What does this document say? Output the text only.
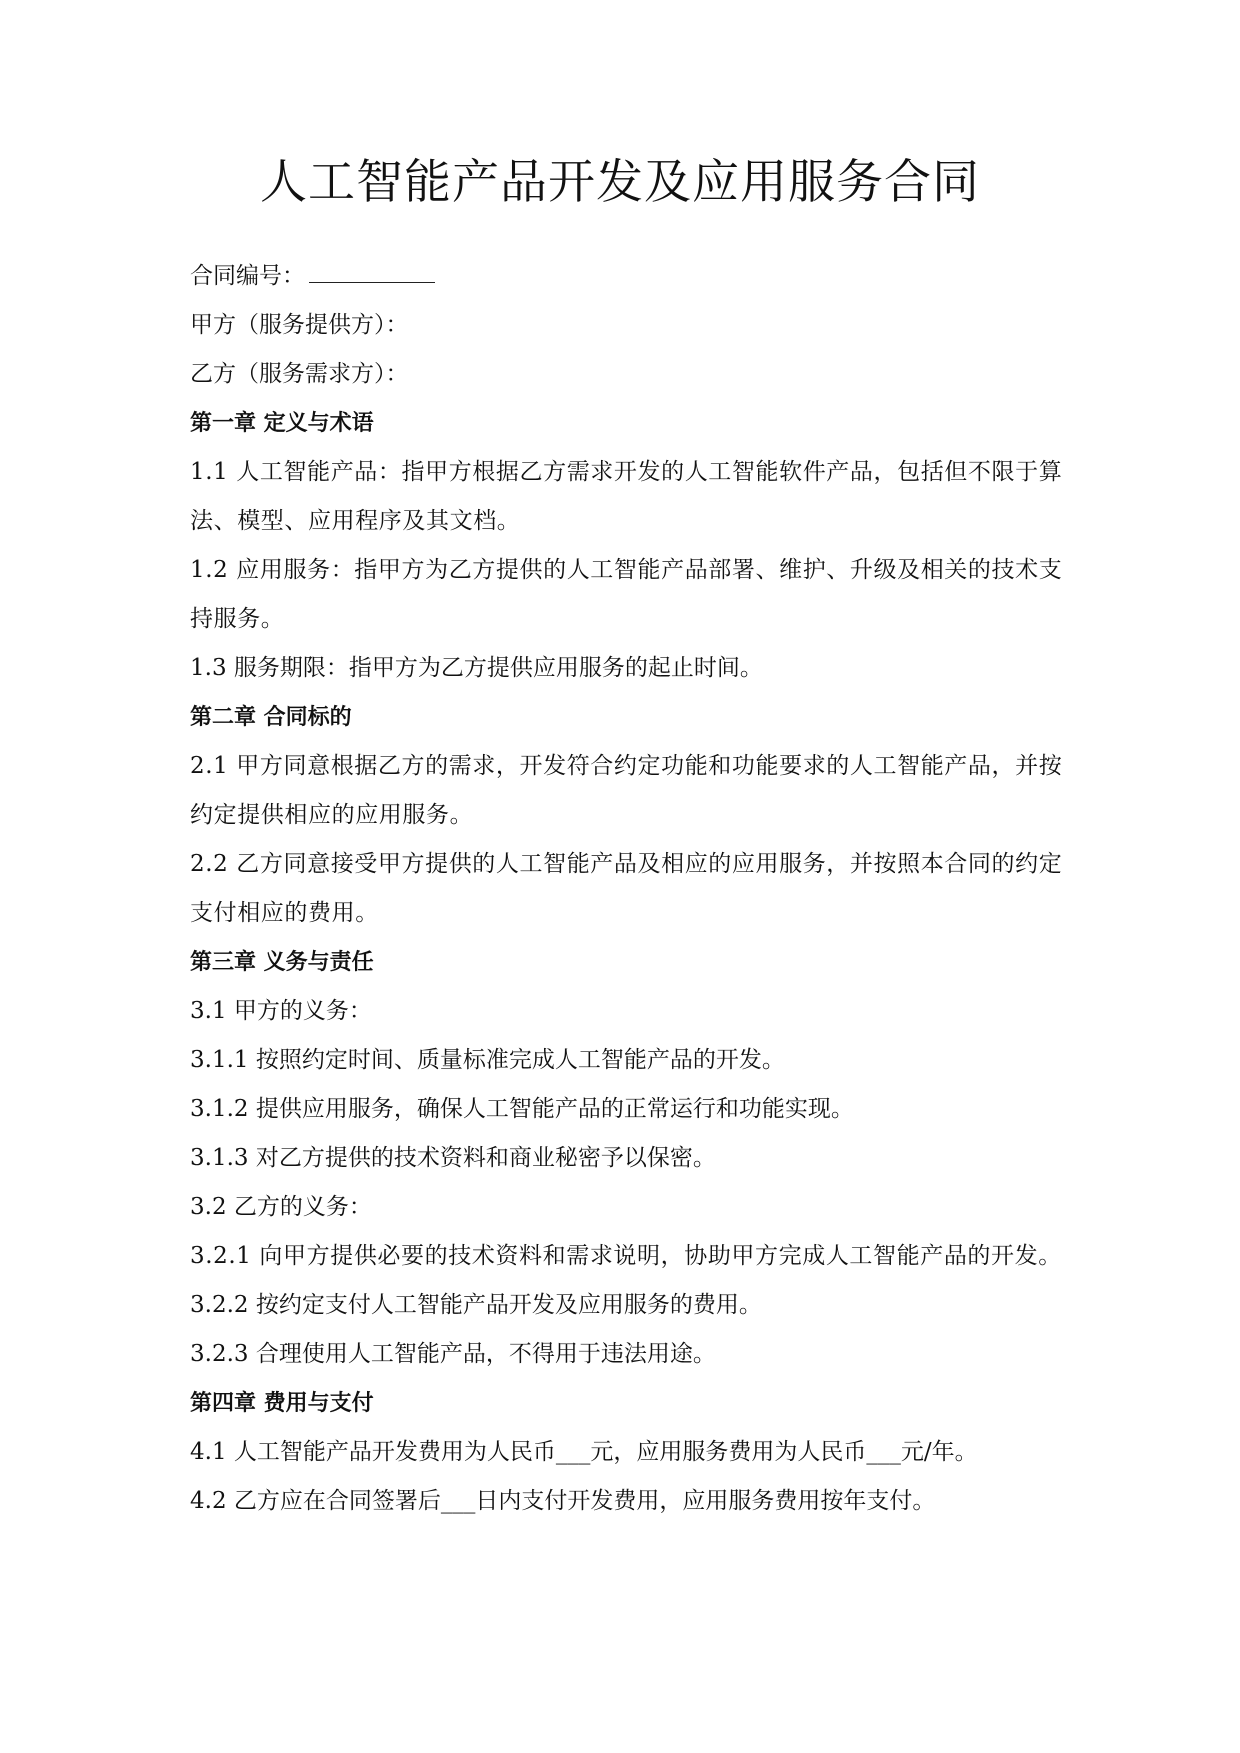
人工智能产品开发及应用服务合同
合同编号：
甲方（服务提供方）：
乙方（服务需求方）：
第一章 定义与术语
1.1 人工智能产品：指甲方根据乙方需求开发的人工智能软件产品，包括但不限于算法、模型、应用程序及其文档。
1.2 应用服务：指甲方为乙方提供的人工智能产品部署、维护、升级及相关的技术支持服务。
1.3 服务期限：指甲方为乙方提供应用服务的起止时间。
第二章 合同标的
2.1 甲方同意根据乙方的需求，开发符合约定功能和功能要求的人工智能产品，并按约定提供相应的应用服务。
2.2 乙方同意接受甲方提供的人工智能产品及相应的应用服务，并按照本合同的约定支付相应的费用。
第三章 义务与责任
3.1 甲方的义务：
3.1.1 按照约定时间、质量标准完成人工智能产品的开发。
3.1.2 提供应用服务，确保人工智能产品的正常运行和功能实现。
3.1.3 对乙方提供的技术资料和商业秘密予以保密。
3.2 乙方的义务：
3.2.1 向甲方提供必要的技术资料和需求说明，协助甲方完成人工智能产品的开发。
3.2.2 按约定支付人工智能产品开发及应用服务的费用。
3.2.3 合理使用人工智能产品，不得用于违法用途。
第四章 费用与支付
4.1 人工智能产品开发费用为人民币___元，应用服务费用为人民币___元/年。
4.2 乙方应在合同签署后___日内支付开发费用，应用服务费用按年支付。
